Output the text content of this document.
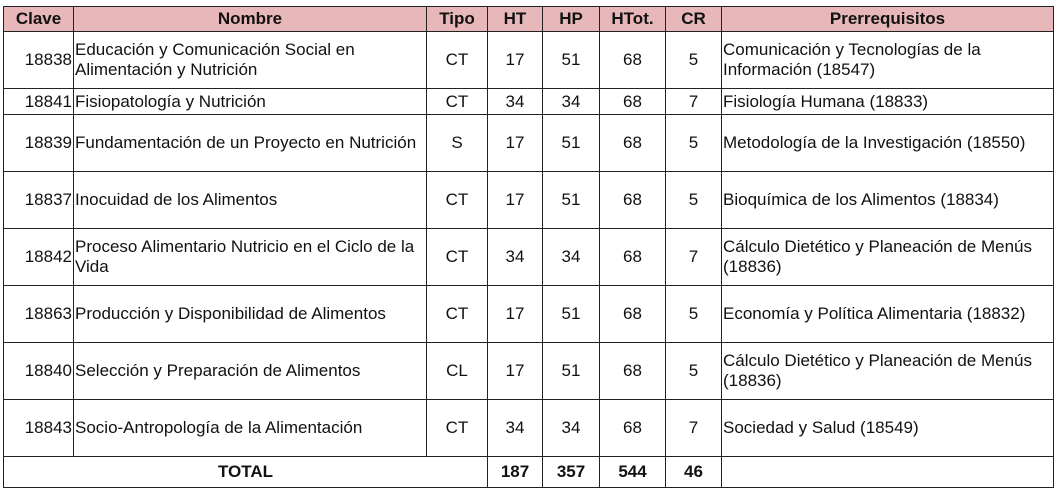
Clave	Nombre	Tipo	HT	HP	HTot.	CR	Prerrequisitos
18838	Educación y Comunicación Social en Alimentación y Nutrición	CT	17	51	68	5	Comunicación y Tecnologías de la Información (18547)
18841	Fisiopatología y Nutrición	CT	34	34	68	7	Fisiología Humana (18833)
18839	Fundamentación de un Proyecto en Nutrición	S	17	51	68	5	Metodología de la Investigación (18550)
18837	Inocuidad de los Alimentos	CT	17	51	68	5	Bioquímica de los Alimentos (18834)
18842	Proceso Alimentario Nutricio en el Ciclo de la Vida	CT	34	34	68	7	Cálculo Dietético y Planeación de Menús (18836)
18863	Producción y Disponibilidad de Alimentos	CT	17	51	68	5	Economía y Política Alimentaria (18832)
18840	Selección y Preparación de Alimentos	CL	17	51	68	5	Cálculo Dietético y Planeación de Menús (18836)
18843	Socio-Antropología de la Alimentación	CT	34	34	68	7	Sociedad y Salud (18549)
TOTAL			187	357	544	46	
